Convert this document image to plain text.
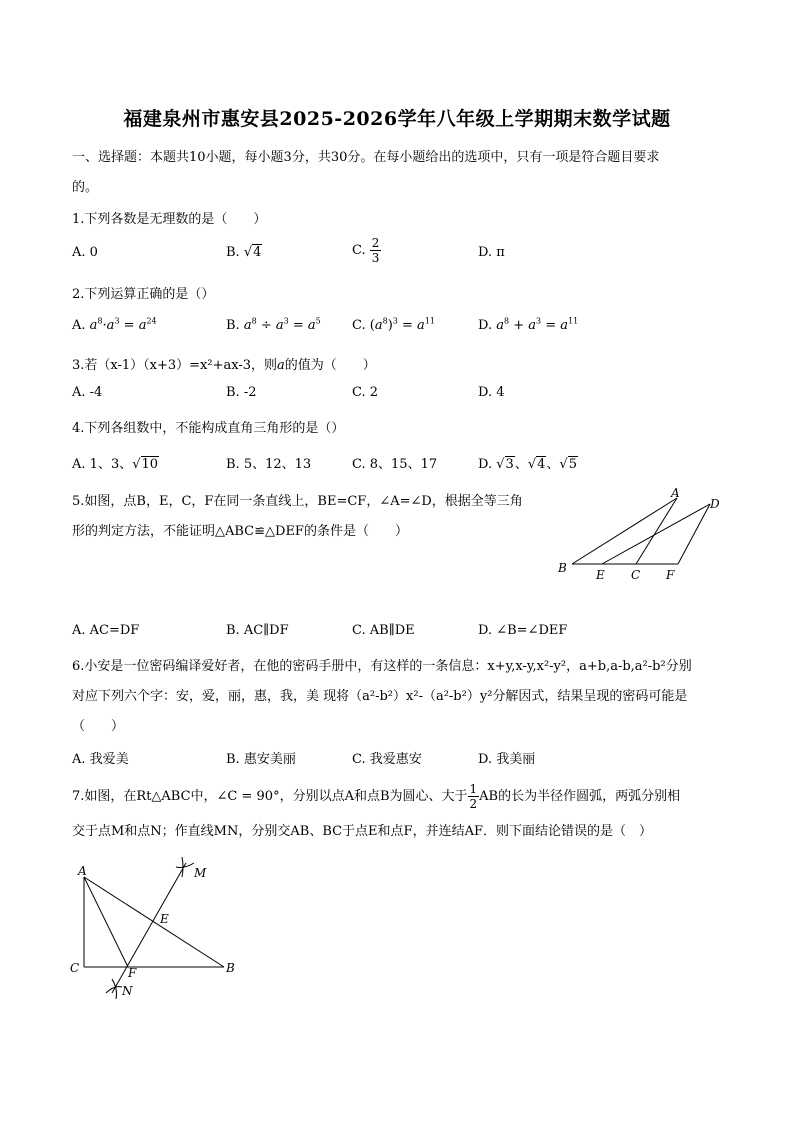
福建泉州市惠安县2025-2026学年八年级上学期期末数学试题
一、选择题：本题共10小题，每小题3分，共30分。在每小题给出的选项中，只有一项是符合题目要求
的。
1.下列各数是无理数的是（　　）
A. 0	B. √4	C. $\frac{2}{3}$	D. π
2.下列运算正确的是（）
A. $a^8\cdot a^3 = a^{24}$	B. $a^8 \div a^3 = a^5$ C. $(a^8)^3 = a^{11}$	D. $a^8 + a^3 = a^{11}$
3.若（x-1）（x+3）=x²+ax-3，则a的值为（　　）
A. -4	B. -2	C. 2	D. 4
4.下列各组数中，不能构成直角三角形的是（）
A. 1、3、√10	B. 5、12、13	C. 8、15、17	D. √3、√4、√5
5.如图，点B，E，C，F在同一条直线上，BE=CF，∠A=∠D，根据全等三角
形的判定方法，不能证明△ABC≌△DEF的条件是（　　）
A
D
B E C F
A. AC=DF	B. AC∥DF	C. AB∥DE	D. ∠B=∠DEF
6.小安是一位密码编译爱好者，在他的密码手册中，有这样的一条信息：x+y,x-y,x²-y²，a+b,a-b,a²-b²分别
对应下列六个字：安，爱，丽，惠，我，美 现将（a²-b²）x²-（a²-b²）y²分解因式，结果呈现的密码可能是
（　　）
A. 我爱美	B. 惠安美丽	C. 我爱惠安	D. 我美丽
7.如图，在Rt△ABC中，∠C = 90°，分别以点A和点B为圆心、大于 $\frac{1}{2}$ AB的长为半径作圆弧，两弧分别相
交于点M和点N；作直线MN，分别交AB、BC于点E和点F，并连结AF．则下面结论错误的是（　）
A	M
E
C	F	B
N
